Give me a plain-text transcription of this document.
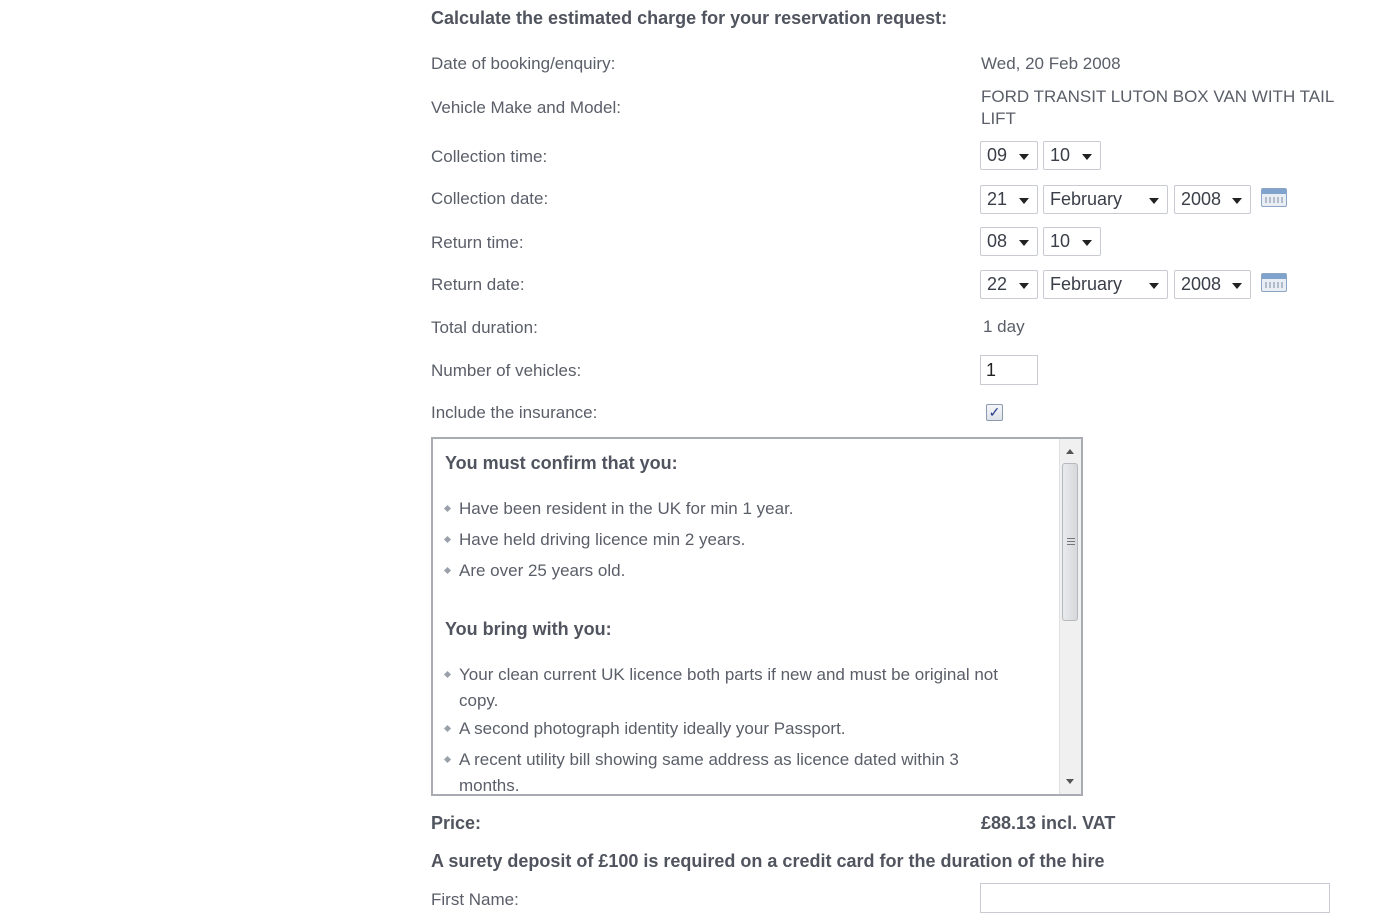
Calculate the estimated charge for your reservation request:
Date of booking/enquiry:	Wed, 20 Feb 2008
Vehicle Make and Model:
FORD TRANSIT LUTON BOX VAN WITH TAIL
LIFT
Collection time:	09	10
Collection date:	21	February	2008
Return time:	08	10
Return date:	22	February	2008
Total duration:	1 day
Number of vehicles:	1
Include the insurance:	✓
You must confirm that you:
Have been resident in the UK for min 1 year.
Have held driving licence min 2 years.
Are over 25 years old.
You bring with you:
Your clean current UK licence both parts if new and must be original not copy.
A second photograph identity ideally your Passport.
A recent utility bill showing same address as licence dated within 3 months.
Price:	£88.13 incl. VAT
A surety deposit of £100 is required on a credit card for the duration of the hire
First Name:
